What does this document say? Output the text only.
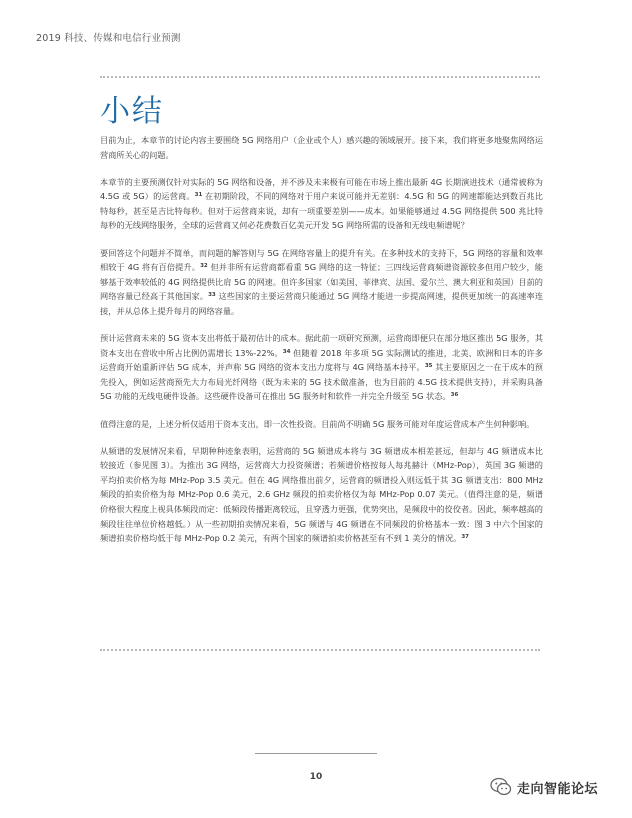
2019 科技、传媒和电信行业预测
小结

目前为止，本章节的讨论内容主要围绕 5G 网络用户（企业或个人）感兴趣的领域展开。接下来，我们将更多地聚焦网络运营商所关心的问题。

本章节的主要预测仅针对实际的 5G 网络和设备，并不涉及未来极有可能在市场上推出最新 4G 长期演进技术（通常被称为 4.5G 或 5G）的运营商。$^{31}$ 在初期阶段，不同的网络对于用户来说可能并无差别：4.5G 和 5G 的网速都能达到数百兆比特每秒，甚至是吉比特每秒。但对于运营商来说，却有一项重要差别——成本。如果能够通过 4.5G 网络提供 500 兆比特每秒的无线网络服务，全球的运营商又何必花费数百亿美元开发 5G 网络所需的设备和无线电频谱呢？

要回答这个问题并不简单，而问题的解答则与 5G 在网络容量上的提升有关。在多种技术的支持下，5G 网络的容量和效率相较于 4G 将有百倍提升。$^{32}$ 但并非所有运营商都看重 5G 网络的这一特征；三四线运营商频谱资源较多但用户较少，能够基于效率较低的 4G 网络提供比肩 5G 的网速。但许多国家（如美国、菲律宾、法国、爱尔兰、澳大利亚和英国）目前的网络容量已经高于其他国家。$^{33}$ 这些国家的主要运营商只能通过 5G 网络才能进一步提高网速，提供更加统一的高速率连接，并从总体上提升每月的网络容量。

预计运营商未来的 5G 资本支出将低于最初估计的成本。据此前一项研究预测，运营商即便只在部分地区推出 5G 服务，其资本支出在营收中所占比例仍需增长 13%-22%。$^{34}$ 但随着 2018 年多项 5G 实际测试的推进，北美、欧洲和日本的许多运营商开始重新评估 5G 成本，并声称 5G 网络的资本支出力度将与 4G 网络基本持平。$^{35}$ 其主要原因之一在于成本的预先投入，例如运营商预先大力布局光纤网络（既为未来的 5G 技术做准备，也为目前的 4.5G 技术提供支持），并采购具备 5G 功能的无线电硬件设备。这些硬件设备可在推出 5G 服务时和软件一并完全升级至 5G 状态。$^{36}$

值得注意的是，上述分析仅适用于资本支出，即一次性投资。目前尚不明确 5G 服务可能对年度运营成本产生何种影响。

从频谱的发展情况来看，早期种种迹象表明，运营商的 5G 频谱成本将与 3G 频谱成本相差甚远，但却与 4G 频谱成本比较接近（参见图 3）。为推出 3G 网络，运营商大力投资频谱；若频谱价格按每人每兆赫计（MHz-Pop），英国 3G 频谱的平均拍卖价格为每 MHz-Pop 3.5 美元。但在 4G 网络推出前夕，运营商的频谱投入则远低于其 3G 频谱支出：800 MHz 频段的拍卖价格为每 MHz-Pop 0.6 美元，2.6 GHz 频段的拍卖价格仅为每 MHz-Pop 0.07 美元。（值得注意的是，频谱价格很大程度上视具体频段而定：低频段传播距离较远，且穿透力更强，优势突出，是频段中的佼佼者。因此，频率越高的频段往往单位价格越低。）从一些初期拍卖情况来看，5G 频谱与 4G 频谱在不同频段的价格基本一致：图 3 中六个国家的频谱拍卖价格均低于每 MHz-Pop 0.2 美元，有两个国家的频谱拍卖价格甚至有不到 1 美分的情况。$^{37}$

10
走向智能论坛
